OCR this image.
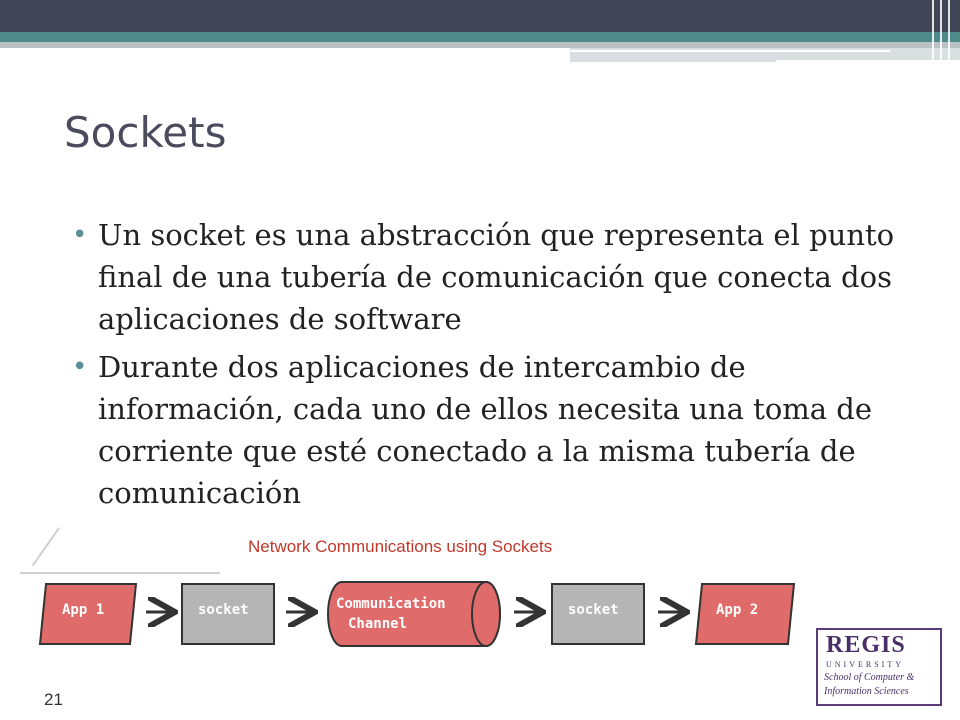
Sockets
• Un socket es una abstracción que representa el punto final de una tubería de comunicación que conecta dos aplicaciones de software
• Durante dos aplicaciones de intercambio de información, cada uno de ellos necesita una toma de corriente que esté conectado a la misma tubería de comunicación
Network Communications using Sockets
App 1	socket	Communication
Channel
socket	App 2
REGIS
UNIVERSITY
School of Computer &
Information Sciences
21
